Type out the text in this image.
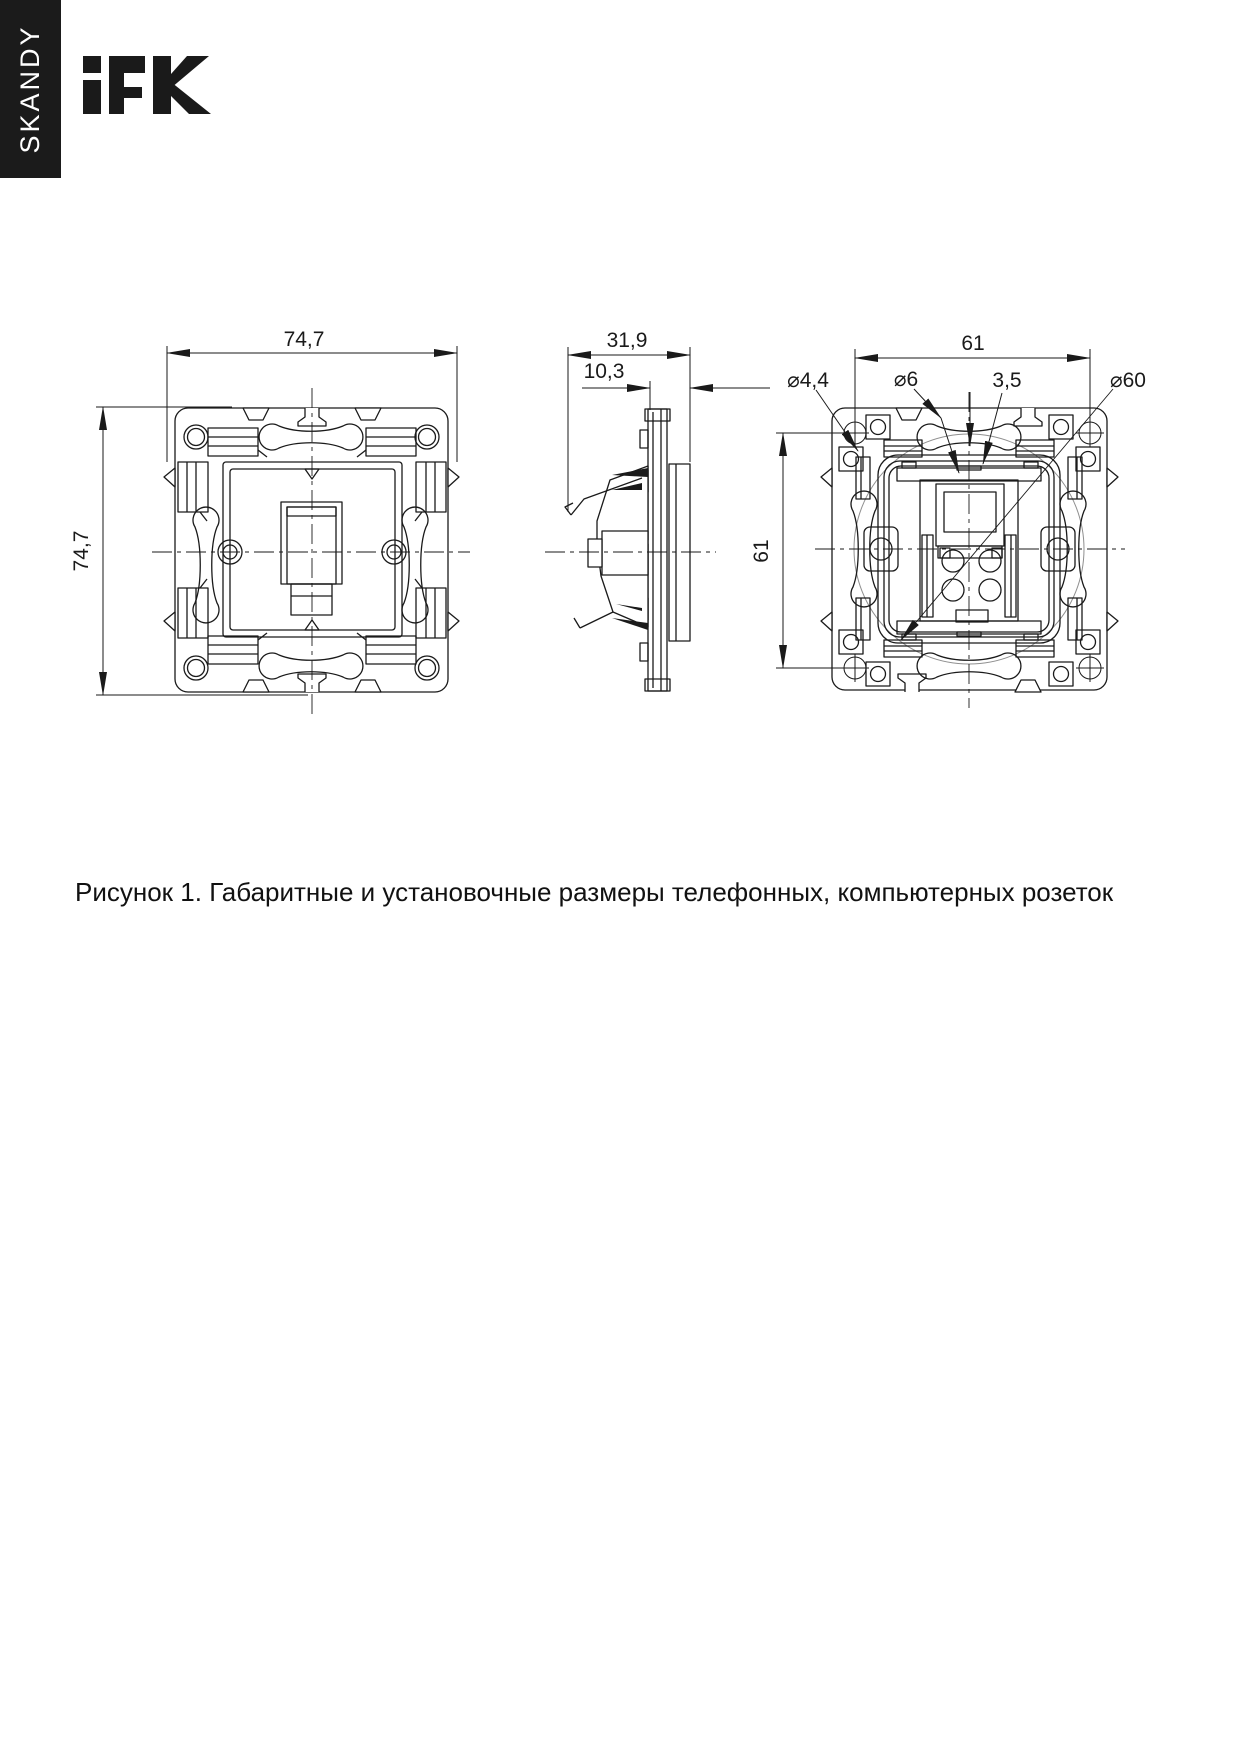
SKANDY
74,7
74,7
31,9
10,3
61
61
⌀4,4	⌀6	3,5	⌀60
Рисунок 1. Габаритные и установочные размеры телефонных, компьютерных розеток
